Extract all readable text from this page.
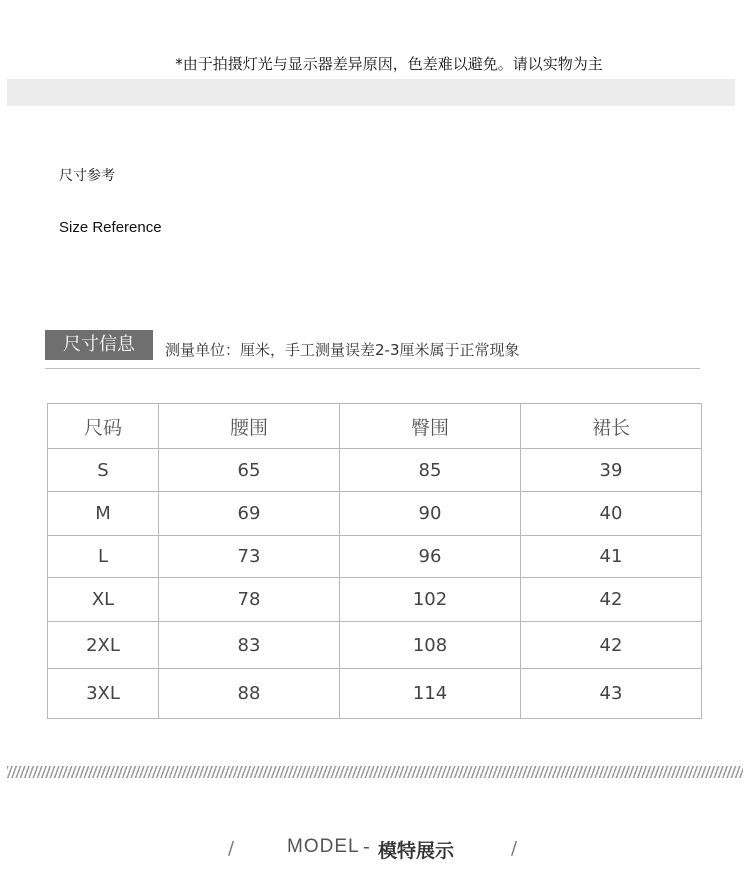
*由于拍摄灯光与显示器差异原因，色差难以避免。请以实物为主
尺寸参考
Size Reference
尺寸信息	测量单位：厘米，手工测量误差2-3厘米属于正常现象
尺码	腰围	臀围	裙长
S	65	85	39
M	69	90	40
L	73	96	41
XL	78	102	42
2XL	83	108	42
3XL	88	114	43
/	MODEL - 模特展示	/
